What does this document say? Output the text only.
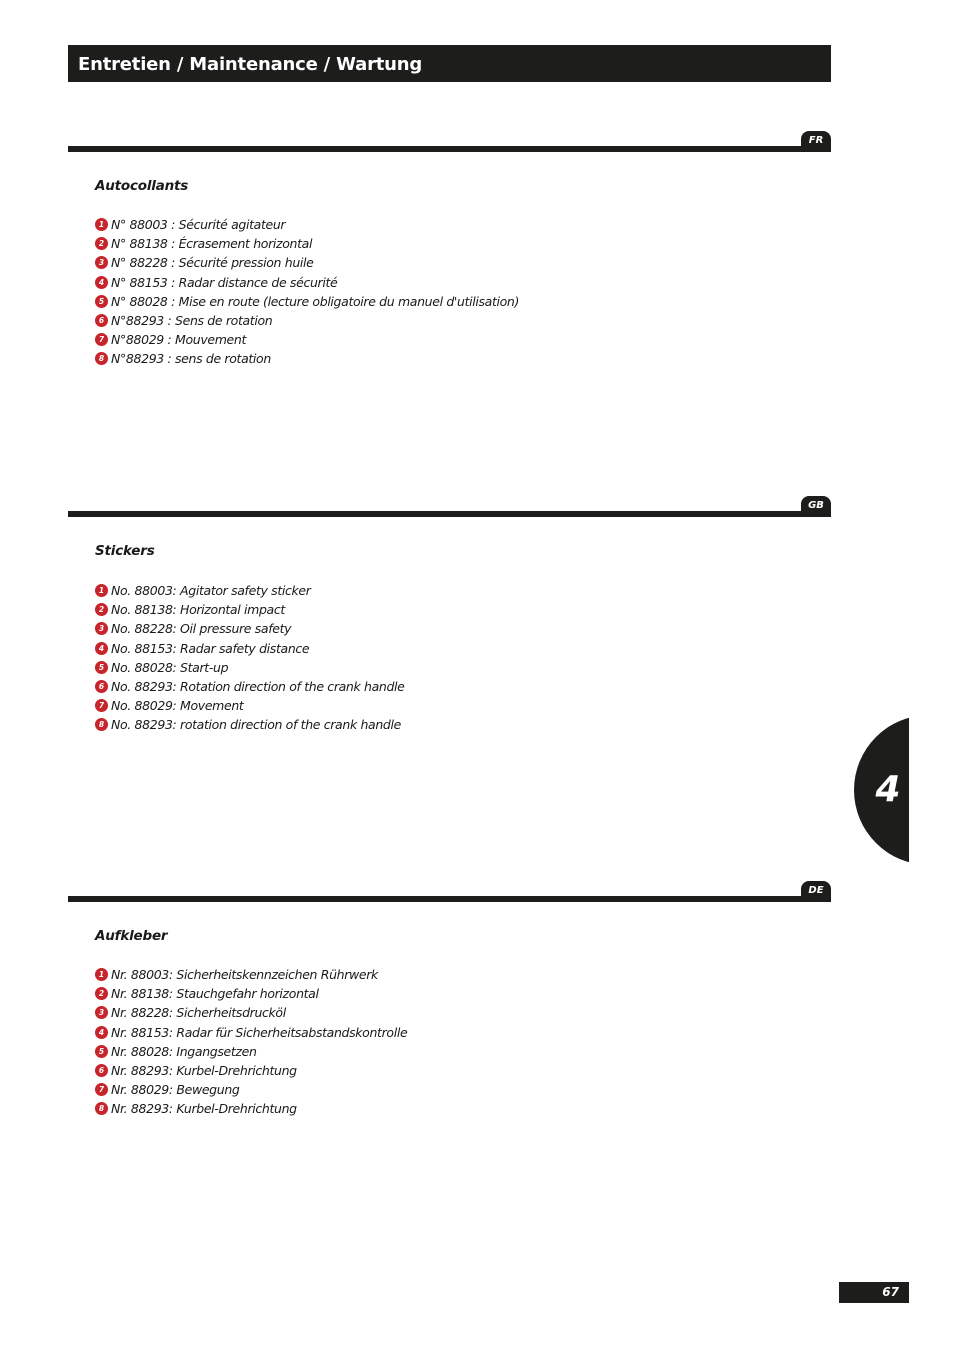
Entretien / Maintenance / Wartung
FR
Autocollants
1 N° 88003 : Sécurité agitateur
2 N° 88138 : Écrasement horizontal
3 N° 88228 : Sécurité pression huile
4 N° 88153 : Radar distance de sécurité
5 N° 88028 : Mise en route (lecture obligatoire du manuel d'utilisation)
6 N°88293 : Sens de rotation
7 N°88029 : Mouvement
8 N°88293 : sens de rotation
GB
Stickers
1 No. 88003: Agitator safety sticker
2 No. 88138: Horizontal impact
3 No. 88228: Oil pressure safety
4 No. 88153: Radar safety distance
5 No. 88028: Start-up
6 No. 88293: Rotation direction of the crank handle
7 No. 88029: Movement
8 No. 88293: rotation direction of the crank handle
DE
Aufkleber
1 Nr. 88003: Sicherheitskennzeichen Rührwerk
2 Nr. 88138: Stauchgefahr horizontal
3 Nr. 88228: Sicherheitsdrucköl
4 Nr. 88153: Radar für Sicherheitsabstandskontrolle
5 Nr. 88028: Ingangsetzen
6 Nr. 88293: Kurbel-Drehrichtung
7 Nr. 88029: Bewegung
8 Nr. 88293: Kurbel-Drehrichtung
4
67
